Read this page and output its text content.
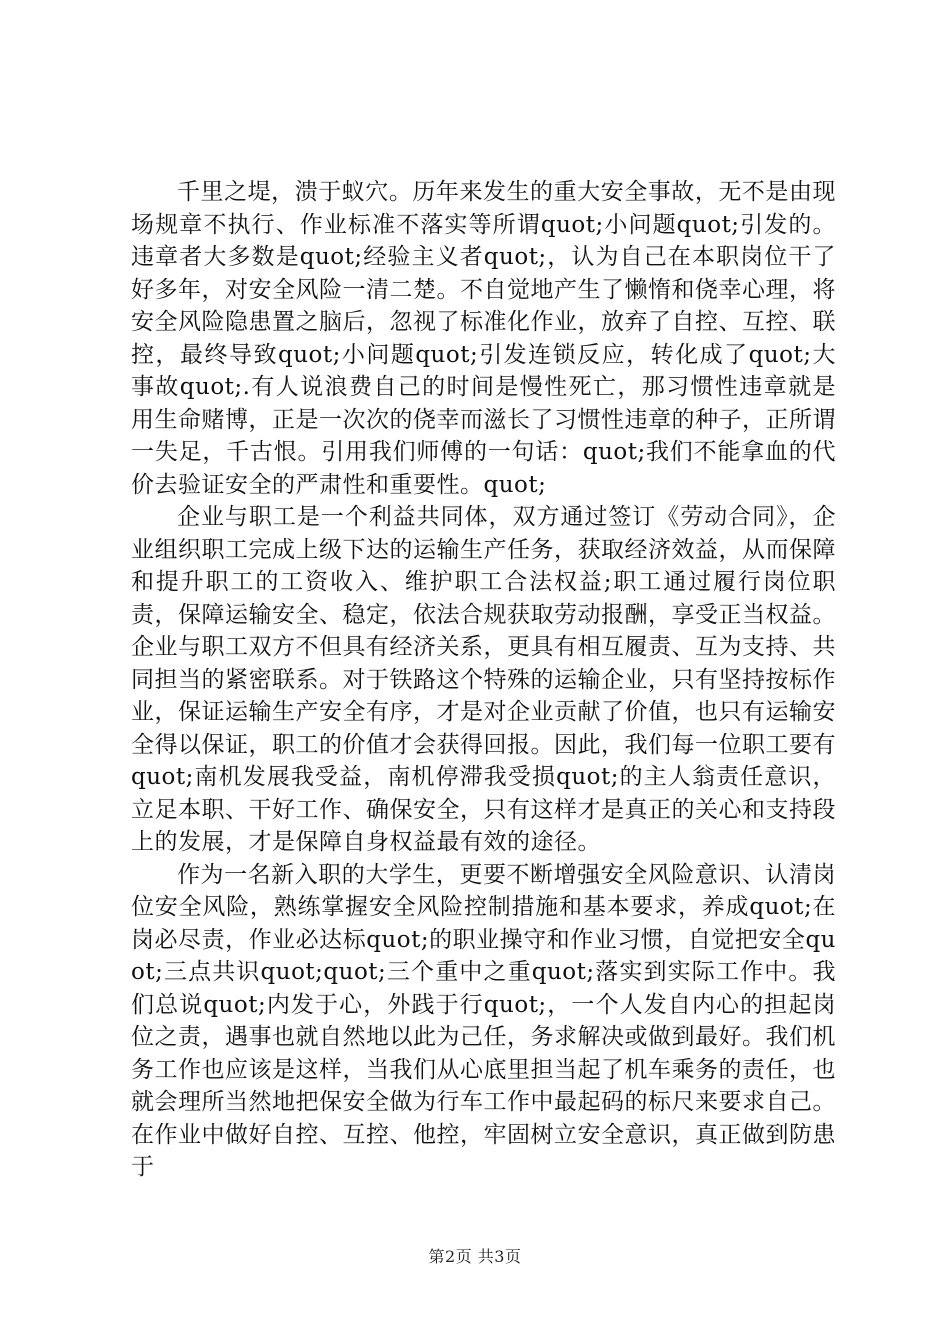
千里之堤，溃于蚁穴。历年来发生的重大安全事故，无不是由现场规章不执行、作业标准不落实等所谓quot;小问题quot;引发的。违章者大多数是quot;经验主义者quot;，认为自己在本职岗位干了好多年，对安全风险一清二楚。不自觉地产生了懒惰和侥幸心理，将安全风险隐患置之脑后，忽视了标准化作业，放弃了自控、互控、联控，最终导致quot;小问题quot;引发连锁反应，转化成了quot;大事故quot;.有人说浪费自己的时间是慢性死亡，那习惯性违章就是用生命赌博，正是一次次的侥幸而滋长了习惯性违章的种子，正所谓一失足，千古恨。引用我们师傅的一句话：quot;我们不能拿血的代价去验证安全的严肃性和重要性。quot;

企业与职工是一个利益共同体，双方通过签订《劳动合同》，企业组织职工完成上级下达的运输生产任务，获取经济效益，从而保障和提升职工的工资收入、维护职工合法权益;职工通过履行岗位职责，保障运输安全、稳定，依法合规获取劳动报酬，享受正当权益。企业与职工双方不但具有经济关系，更具有相互履责、互为支持、共同担当的紧密联系。对于铁路这个特殊的运输企业，只有坚持按标作业，保证运输生产安全有序，才是对企业贡献了价值，也只有运输安全得以保证，职工的价值才会获得回报。因此，我们每一位职工要有quot;南机发展我受益，南机停滞我受损quot;的主人翁责任意识，立足本职、干好工作、确保安全，只有这样才是真正的关心和支持段上的发展，才是保障自身权益最有效的途径。

作为一名新入职的大学生，更要不断增强安全风险意识、认清岗位安全风险，熟练掌握安全风险控制措施和基本要求，养成quot;在岗必尽责，作业必达标quot;的职业操守和作业习惯，自觉把安全quot;三点共识quot;quot;三个重中之重quot;落实到实际工作中。我们总说quot;内发于心，外践于行quot;，一个人发自内心的担起岗位之责，遇事也就自然地以此为己任，务求解决或做到最好。我们机务工作也应该是这样，当我们从心底里担当起了机车乘务的责任，也就会理所当然地把保安全做为行车工作中最起码的标尺来要求自己。在作业中做好自控、互控、他控，牢固树立安全意识，真正做到防患于

第2页 共3页
